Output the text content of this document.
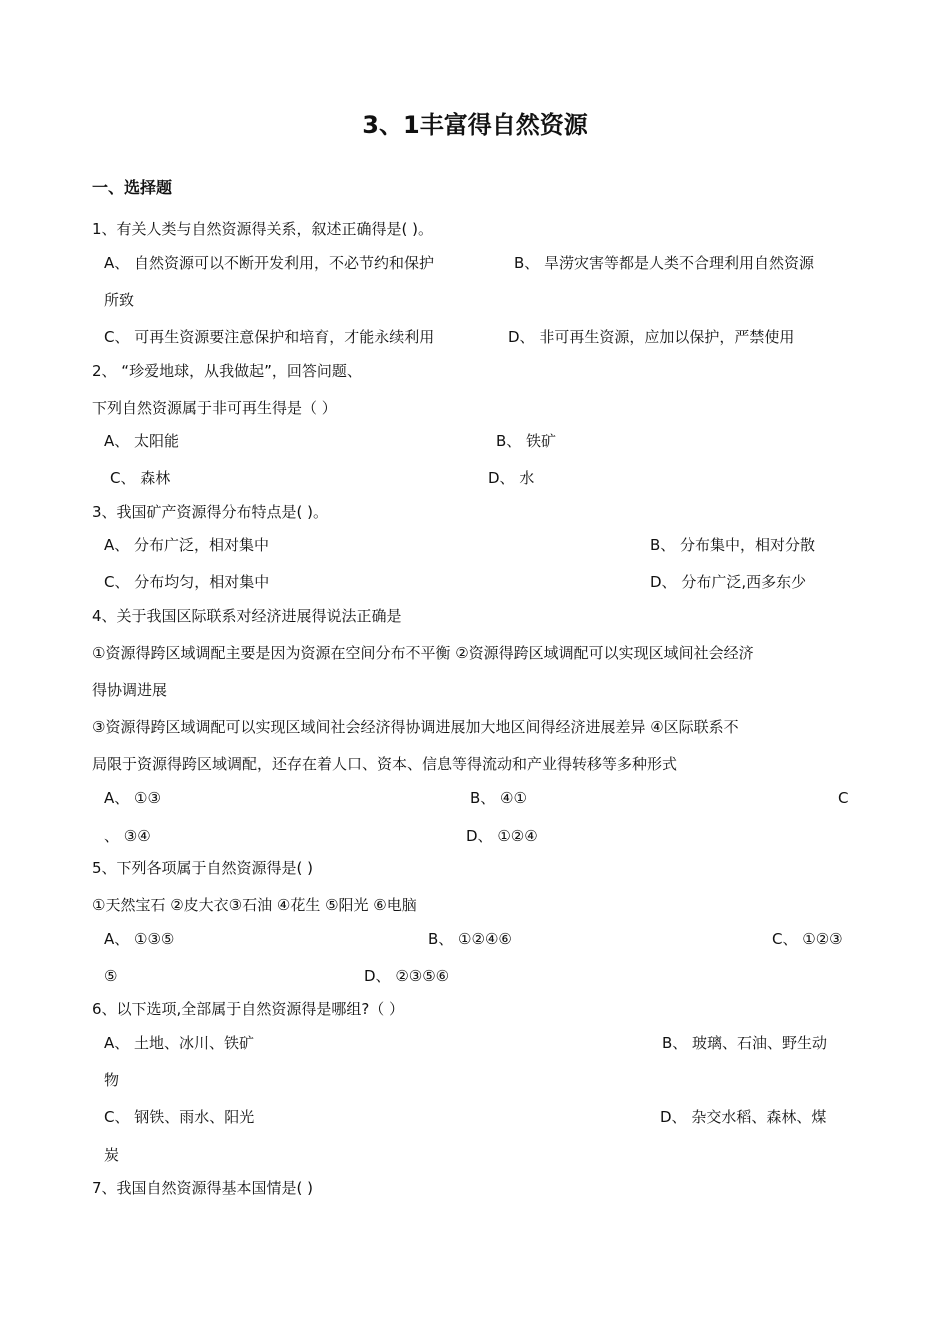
3、1丰富得自然资源
一、选择题
1、有关人类与自然资源得关系，叙述正确得是( )。
A、 自然资源可以不断开发利用，不必节约和保护	B、 旱涝灾害等都是人类不合理利用自然资源
所致
C、 可再生资源要注意保护和培育，才能永续利用	D、 非可再生资源，应加以保护，严禁使用
2、 “珍爱地球，从我做起”，回答问题、
下列自然资源属于非可再生得是（ ）
A、 太阳能	B、 铁矿
C、 森林	D、 水
3、我国矿产资源得分布特点是( )。
A、 分布广泛，相对集中	B、 分布集中，相对分散
C、 分布均匀，相对集中	D、 分布广泛,西多东少
4、关于我国区际联系对经济进展得说法正确是
①资源得跨区域调配主要是因为资源在空间分布不平衡 ②资源得跨区域调配可以实现区域间社会经济
得协调进展
③资源得跨区域调配可以实现区域间社会经济得协调进展加大地区间得经济进展差异 ④区际联系不
局限于资源得跨区域调配，还存在着人口、资本、信息等得流动和产业得转移等多种形式
A、 ①③	B、 ④①	C
、 ③④	D、 ①②④
5、下列各项属于自然资源得是( )
①天然宝石 ②皮大衣③石油 ④花生 ⑤阳光 ⑥电脑
A、 ①③⑤	B、 ①②④⑥	C、 ①②③
⑤	D、 ②③⑤⑥
6、以下选项,全部属于自然资源得是哪组?（ ）
A、 土地、冰川、铁矿	B、 玻璃、石油、野生动
物
C、 钢铁、雨水、阳光	D、 杂交水稻、森林、煤
炭
7、我国自然资源得基本国情是( )
